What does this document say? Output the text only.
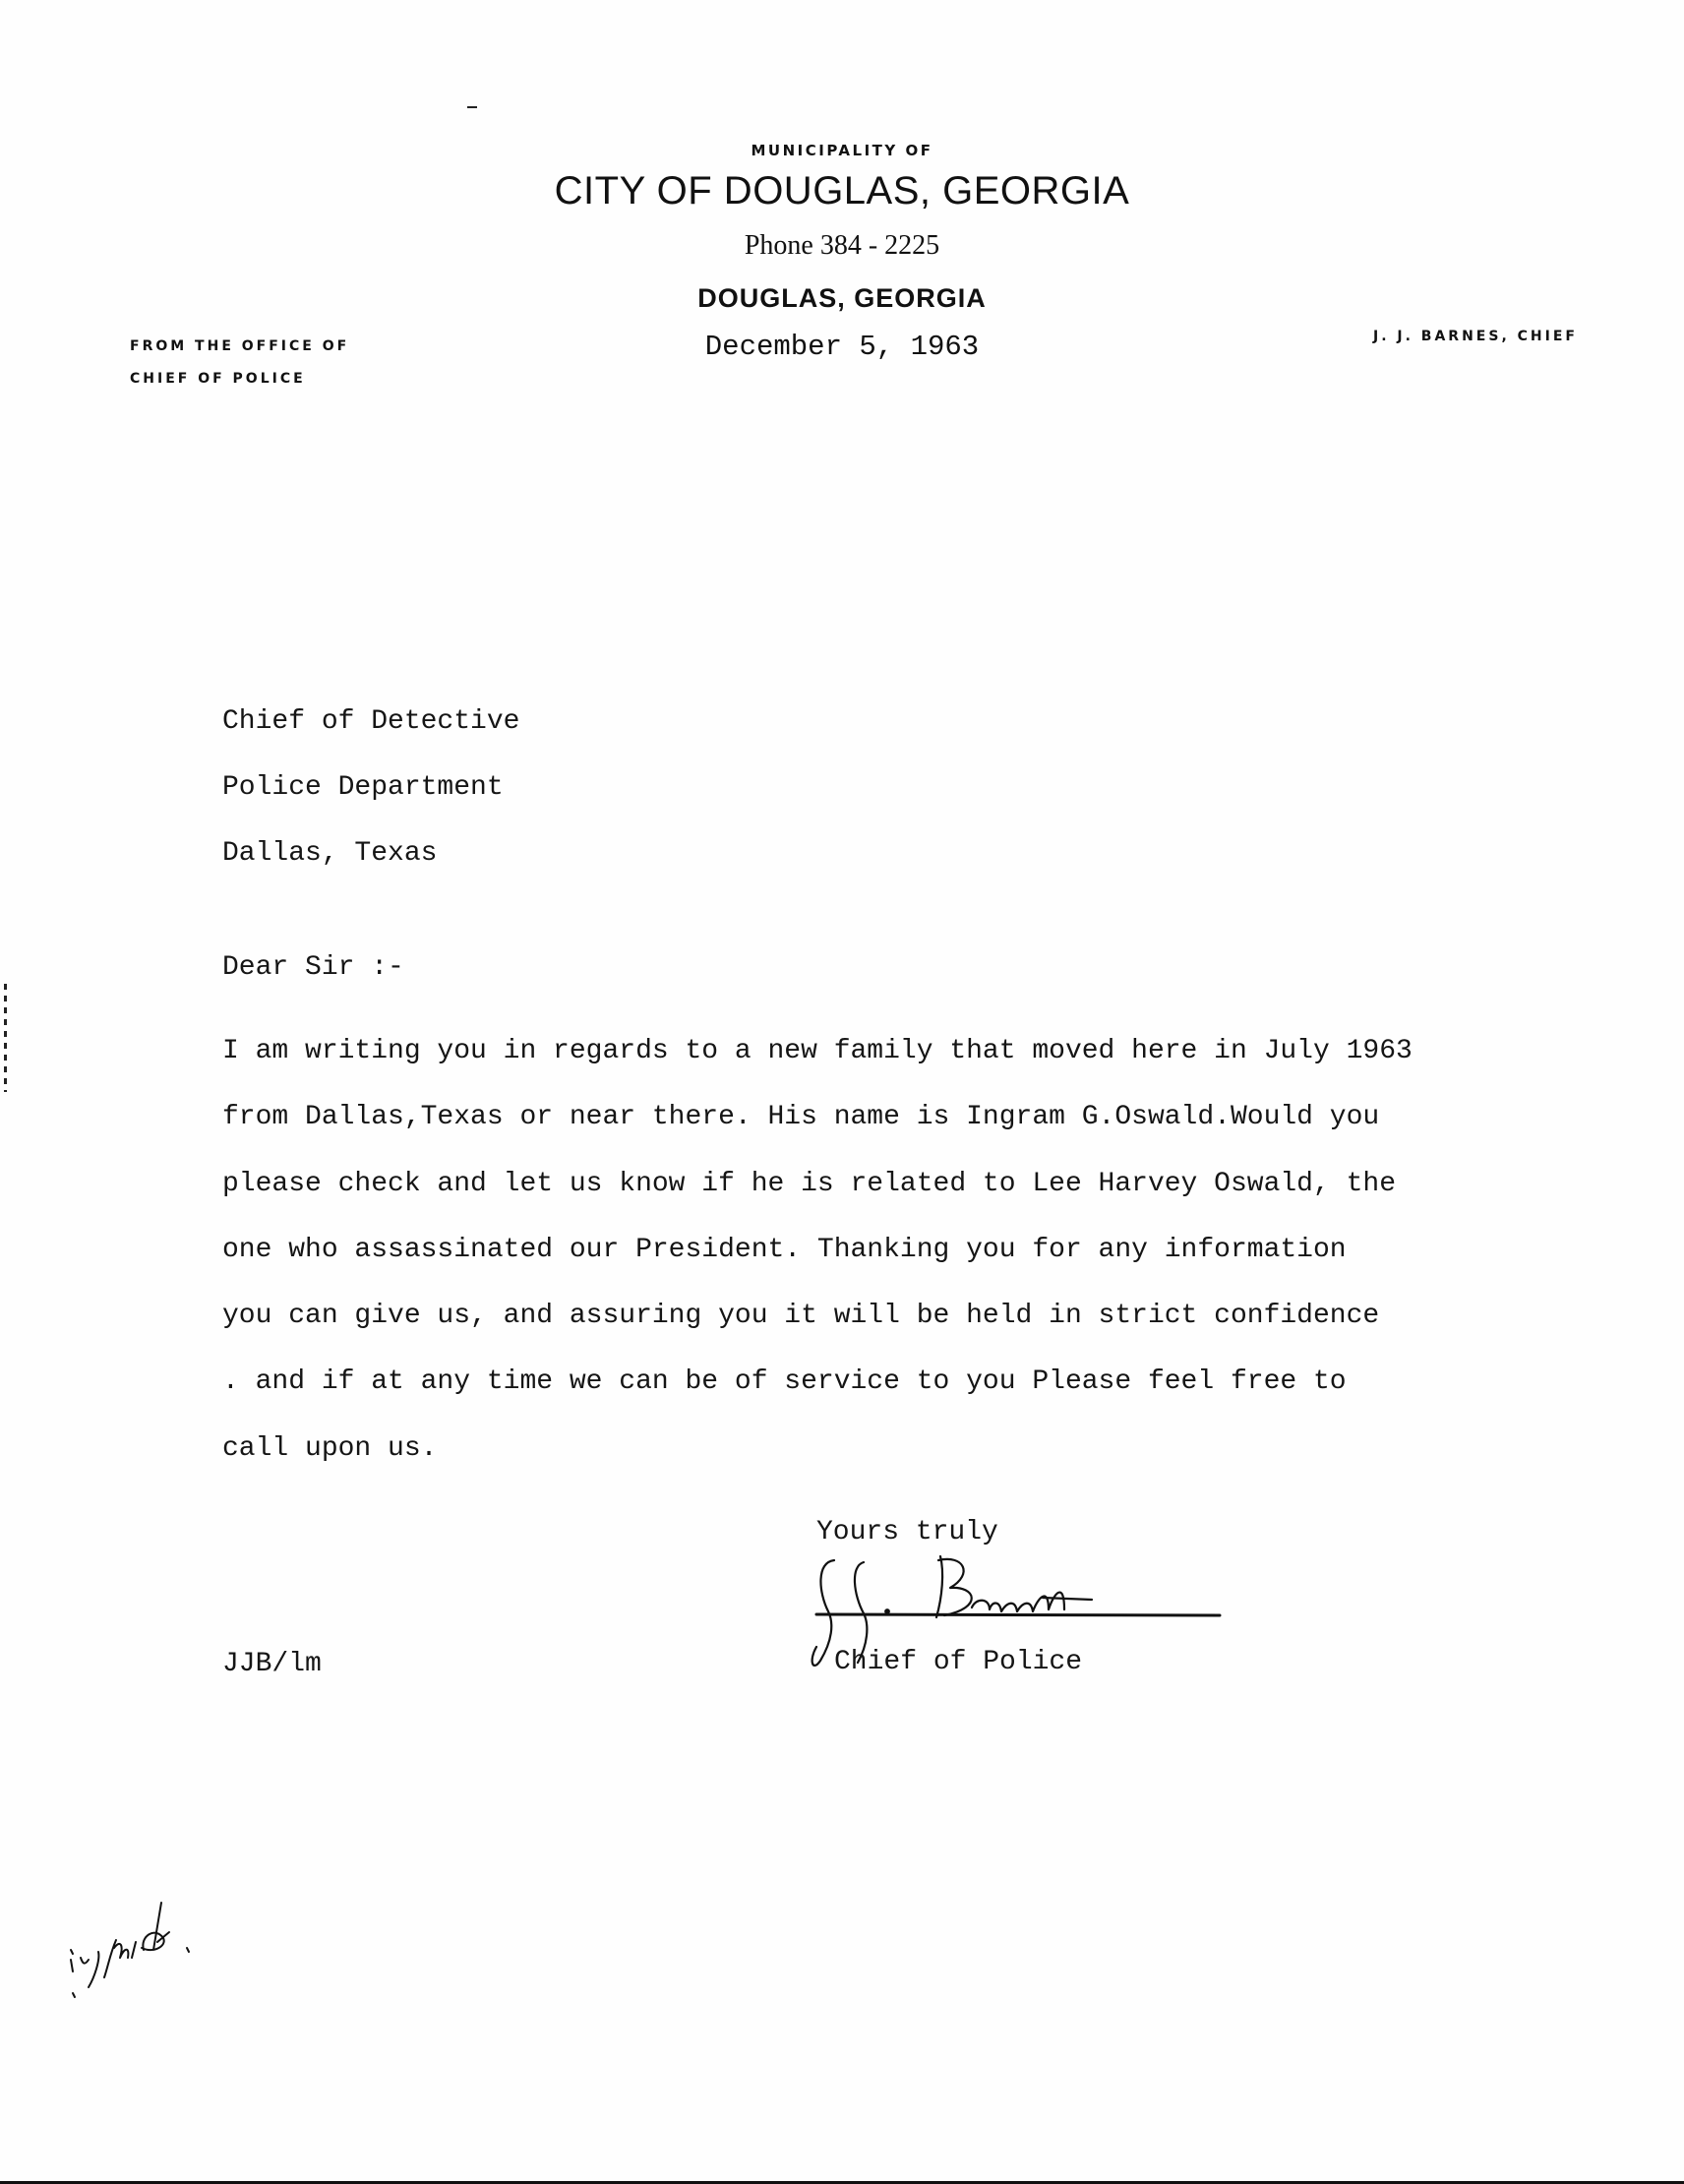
MUNICIPALITY OF
CITY OF DOUGLAS, GEORGIA
Phone 384 - 2225
DOUGLAS, GEORGIA
December 5, 1963
FROM THE OFFICE OF
CHIEF OF POLICE
J. J. BARNES, CHIEF
Chief of Detective
Police Department
Dallas, Texas
Dear Sir :-
I am writing you in regards to a new family that moved here in July 1963
from Dallas,Texas or near there. His name is Ingram G.Oswald.Would you
please check and let us know if he is related to Lee Harvey Oswald, the
one who assassinated our President. Thanking you for any information
you can give us, and assuring you it will be held in strict confidence
. and if at any time we can be of service to you Please feel free to
call upon us.
Yours truly
Chief of Police
JJB/lm
